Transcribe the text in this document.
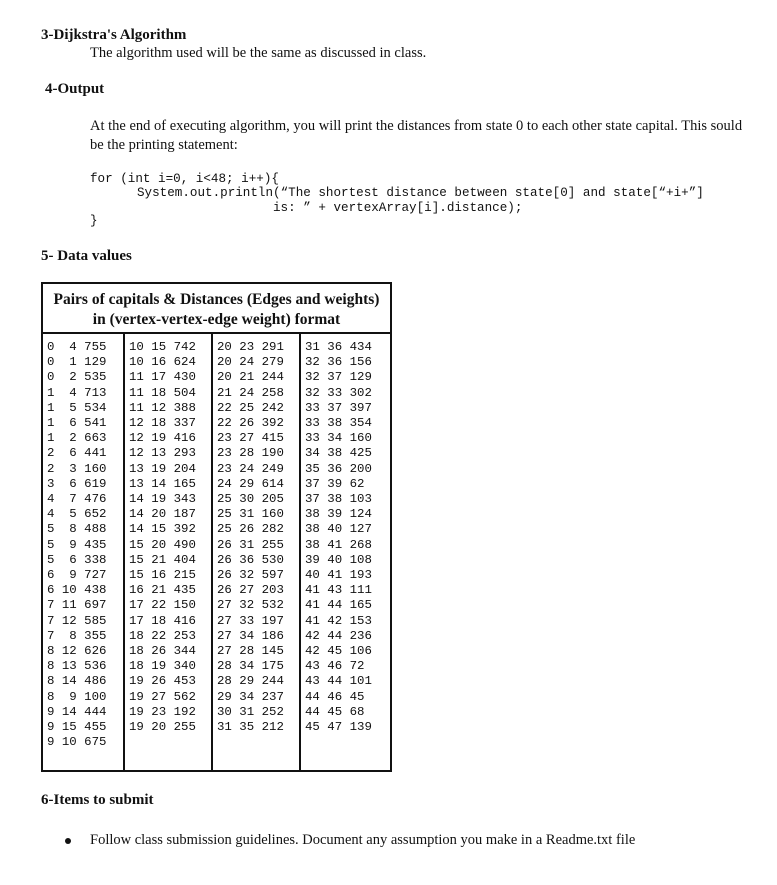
3-Dijkstra's Algorithm
The algorithm used will be the same as discussed in class.
4-Output
At the end of executing algorithm, you will print the distances from state 0 to each other state capital. This sould be the printing statement:
for (int i=0, i<48; i++){
System.out.println(“The shortest distance between state[0] and state[“+i+”]
is: ” + vertexArray[i].distance);
}
5- Data values
Pairs of capitals & Distances (Edges and weights)
in (vertex-vertex-edge weight) format
0  4 755
0  1 129
0  2 535
1  4 713
1  5 534
1  6 541
1  2 663
2  6 441
2  3 160
3  6 619
4  7 476
4  5 652
5  8 488
5  9 435
5  6 338
6  9 727
6 10 438
7 11 697
7 12 585
7  8 355
8 12 626
8 13 536
8 14 486
8  9 100
9 14 444
9 15 455
9 10 675
10 15 742
10 16 624
11 17 430
11 18 504
11 12 388
12 18 337
12 19 416
12 13 293
13 19 204
13 14 165
14 19 343
14 20 187
14 15 392
15 20 490
15 21 404
15 16 215
16 21 435
17 22 150
17 18 416
18 22 253
18 26 344
18 19 340
19 26 453
19 27 562
19 23 192
19 20 255
20 23 291
20 24 279
20 21 244
21 24 258
22 25 242
22 26 392
23 27 415
23 28 190
23 24 249
24 29 614
25 30 205
25 31 160
25 26 282
26 31 255
26 36 530
26 32 597
26 27 203
27 32 532
27 33 197
27 34 186
27 28 145
28 34 175
28 29 244
29 34 237
30 31 252
31 35 212
31 36 434
32 36 156
32 37 129
32 33 302
33 37 397
33 38 354
33 34 160
34 38 425
35 36 200
37 39 62
37 38 103
38 39 124
38 40 127
38 41 268
39 40 108
40 41 193
41 43 111
41 44 165
41 42 153
42 44 236
42 45 106
43 46 72
43 44 101
44 46 45
44 45 68
45 47 139
6-Items to submit
Follow class submission guidelines. Document any assumption you make in a Readme.txt file
